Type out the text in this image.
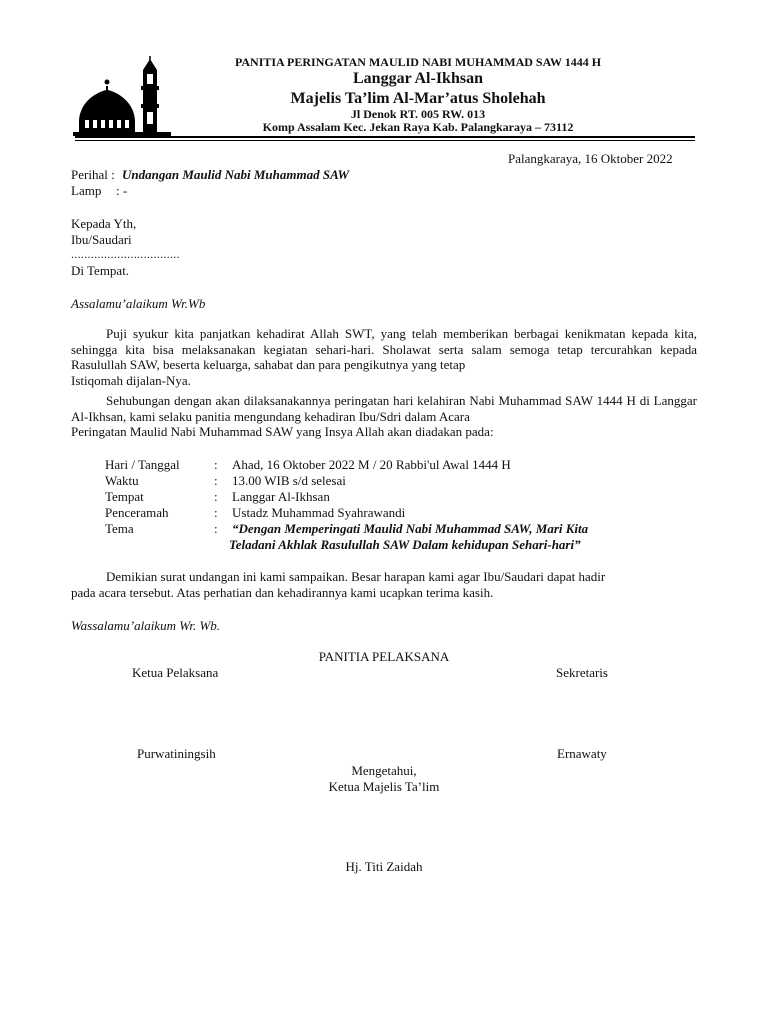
PANITIA PERINGATAN MAULID NABI MUHAMMAD SAW 1444 H
Langgar Al-Ikhsan
Majelis Ta’lim Al-Mar’atus Sholehah
Jl Denok RT. 005 RW. 013
Komp Assalam Kec. Jekan Raya Kab. Palangkaraya – 73112
Palangkaraya, 16 Oktober 2022
Perihal : Undangan Maulid Nabi Muhammad SAW
Lamp : -
Kepada Yth,
Ibu/Saudari
.................................
Di Tempat.
Assalamu’alaikum Wr.Wb
Puji syukur kita panjatkan kehadirat Allah SWT, yang telah memberikan berbagai kenikmatan kepada kita, sehingga kita bisa melaksanakan kegiatan sehari-hari. Sholawat serta salam semoga tetap tercurahkan kepada Rasulullah SAW, beserta keluarga, sahabat dan para pengikutnya yang tetap
Istiqomah dijalan-Nya.
Sehubungan dengan akan dilaksanakannya peringatan hari kelahiran Nabi Muhammad SAW 1444 H di Langgar Al-Ikhsan, kami selaku panitia mengundang kehadiran Ibu/Sdri dalam Acara
Peringatan Maulid Nabi Muhammad SAW yang Insya Allah akan diadakan pada:
Hari / Tanggal	: Ahad, 16 Oktober 2022 M / 20 Rabbi'ul Awal 1444 H
Waktu	: 13.00 WIB s/d selesai
Tempat	: Langgar Al-Ikhsan
Penceramah	: Ustadz Muhammad Syahrawandi
Tema	: “Dengan Memperingati Maulid Nabi Muhammad SAW, Mari Kita
Teladani Akhlak Rasulullah SAW Dalam kehidupan Sehari-hari”
Demikian surat undangan ini kami sampaikan. Besar harapan kami agar Ibu/Saudari dapat hadir
pada acara tersebut. Atas perhatian dan kehadirannya kami ucapkan terima kasih.
Wassalamu’alaikum Wr. Wb.
PANITIA PELAKSANA
Ketua Pelaksana	Sekretaris
Purwatiningsih	Ernawaty
Mengetahui,
Ketua Majelis Ta’lim
Hj. Titi Zaidah
